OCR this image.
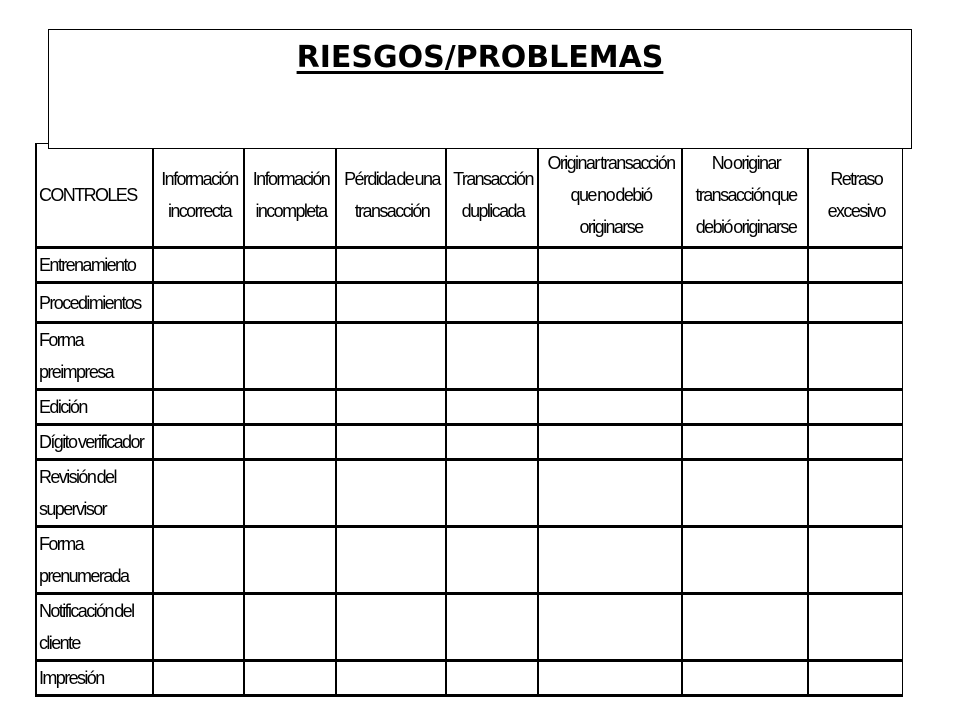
RIESGOS/PROBLEMAS
CONTROLES	Información incorrecta	Información incompleta	Pérdida de una transacción	Transacción duplicada	Originar transacción que no debió originarse	No originar transacción que debió originarse	Retraso excesivo
Entrenamiento							
Procedimientos							
Forma preimpresa							
Edición							
Dígito verificador							
Revisión del supervisor							
Forma prenumerada							
Notificación del cliente							
Impresión							
